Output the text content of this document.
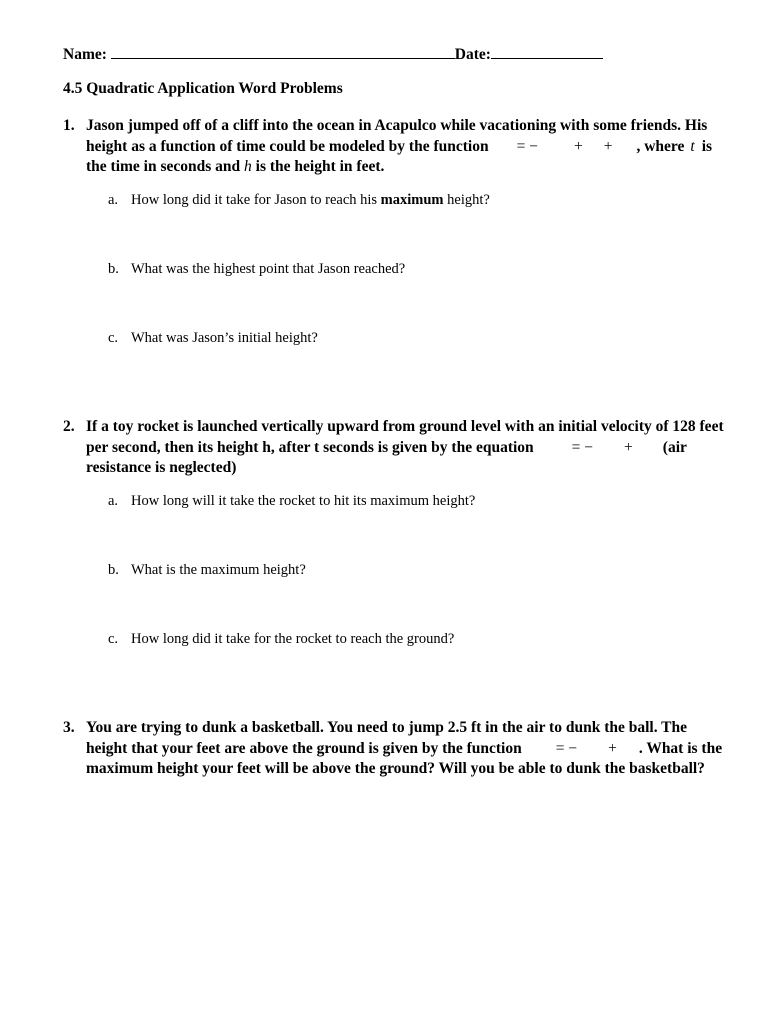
Name:	Date:
4.5 Quadratic Application Word Problems
1. Jason jumped off of a cliff into the ocean in Acapulco while vacationing with some friends. His
height as a function of time could be modeled by the function = − + + , where t is
the time in seconds and h is the height in feet.
a. How long did it take for Jason to reach his maximum height?
b. What was the highest point that Jason reached?
c. What was Jason’s initial height?
2. If a toy rocket is launched vertically upward from ground level with an initial velocity of 128 feet
per second, then its height h, after t seconds is given by the equation = − + (air
resistance is neglected)
a. How long will it take the rocket to hit its maximum height?
b. What is the maximum height?
c. How long did it take for the rocket to reach the ground?
3. You are trying to dunk a basketball. You need to jump 2.5 ft in the air to dunk the ball. The
height that your feet are above the ground is given by the function = − + . What is the
maximum height your feet will be above the ground? Will you be able to dunk the basketball?
